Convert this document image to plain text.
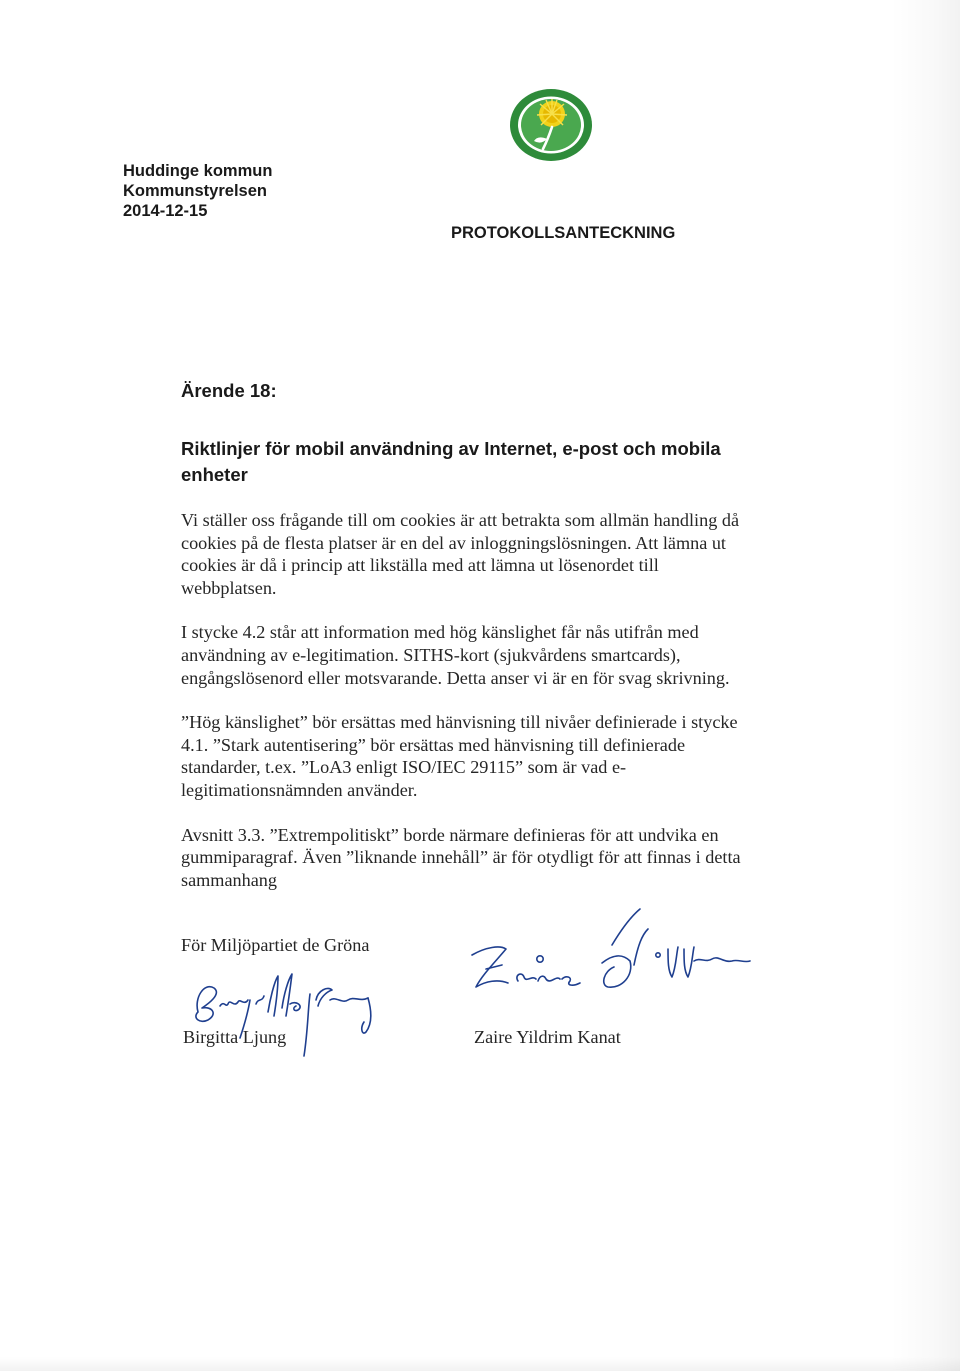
Huddinge kommun
Kommunstyrelsen
2014-12-15
PROTOKOLLSANTECKNING
Ärende 18:
Riktlinjer för mobil användning av Internet, e-post och mobila
enheter

Vi ställer oss frågande till om cookies är att betrakta som allmän handling då
cookies på de flesta platser är en del av inloggningslösningen. Att lämna ut
cookies är då i princip att likställa med att lämna ut lösenordet till
webbplatsen.

I stycke 4.2 står att information med hög känslighet får nås utifrån med
användning av e-legitimation. SITHS-kort (sjukvårdens smartcards),
engångslösenord eller motsvarande. Detta anser vi är en för svag skrivning.

”Hög känslighet” bör ersättas med hänvisning till nivåer definierade i stycke
4.1. ”Stark autentisering” bör ersättas med hänvisning till definierade
standarder, t.ex. ”LoA3 enligt ISO/IEC 29115” som är vad e-
legitimationsnämnden använder.

Avsnitt 3.3. ”Extrempolitiskt” borde närmare definieras för att undvika en
gummiparagraf. Även ”liknande innehåll” är för otydligt för att finnas i detta
sammanhang

För Miljöpartiet de Gröna
Birgitta Ljung	Zaire Yildrim Kanat
